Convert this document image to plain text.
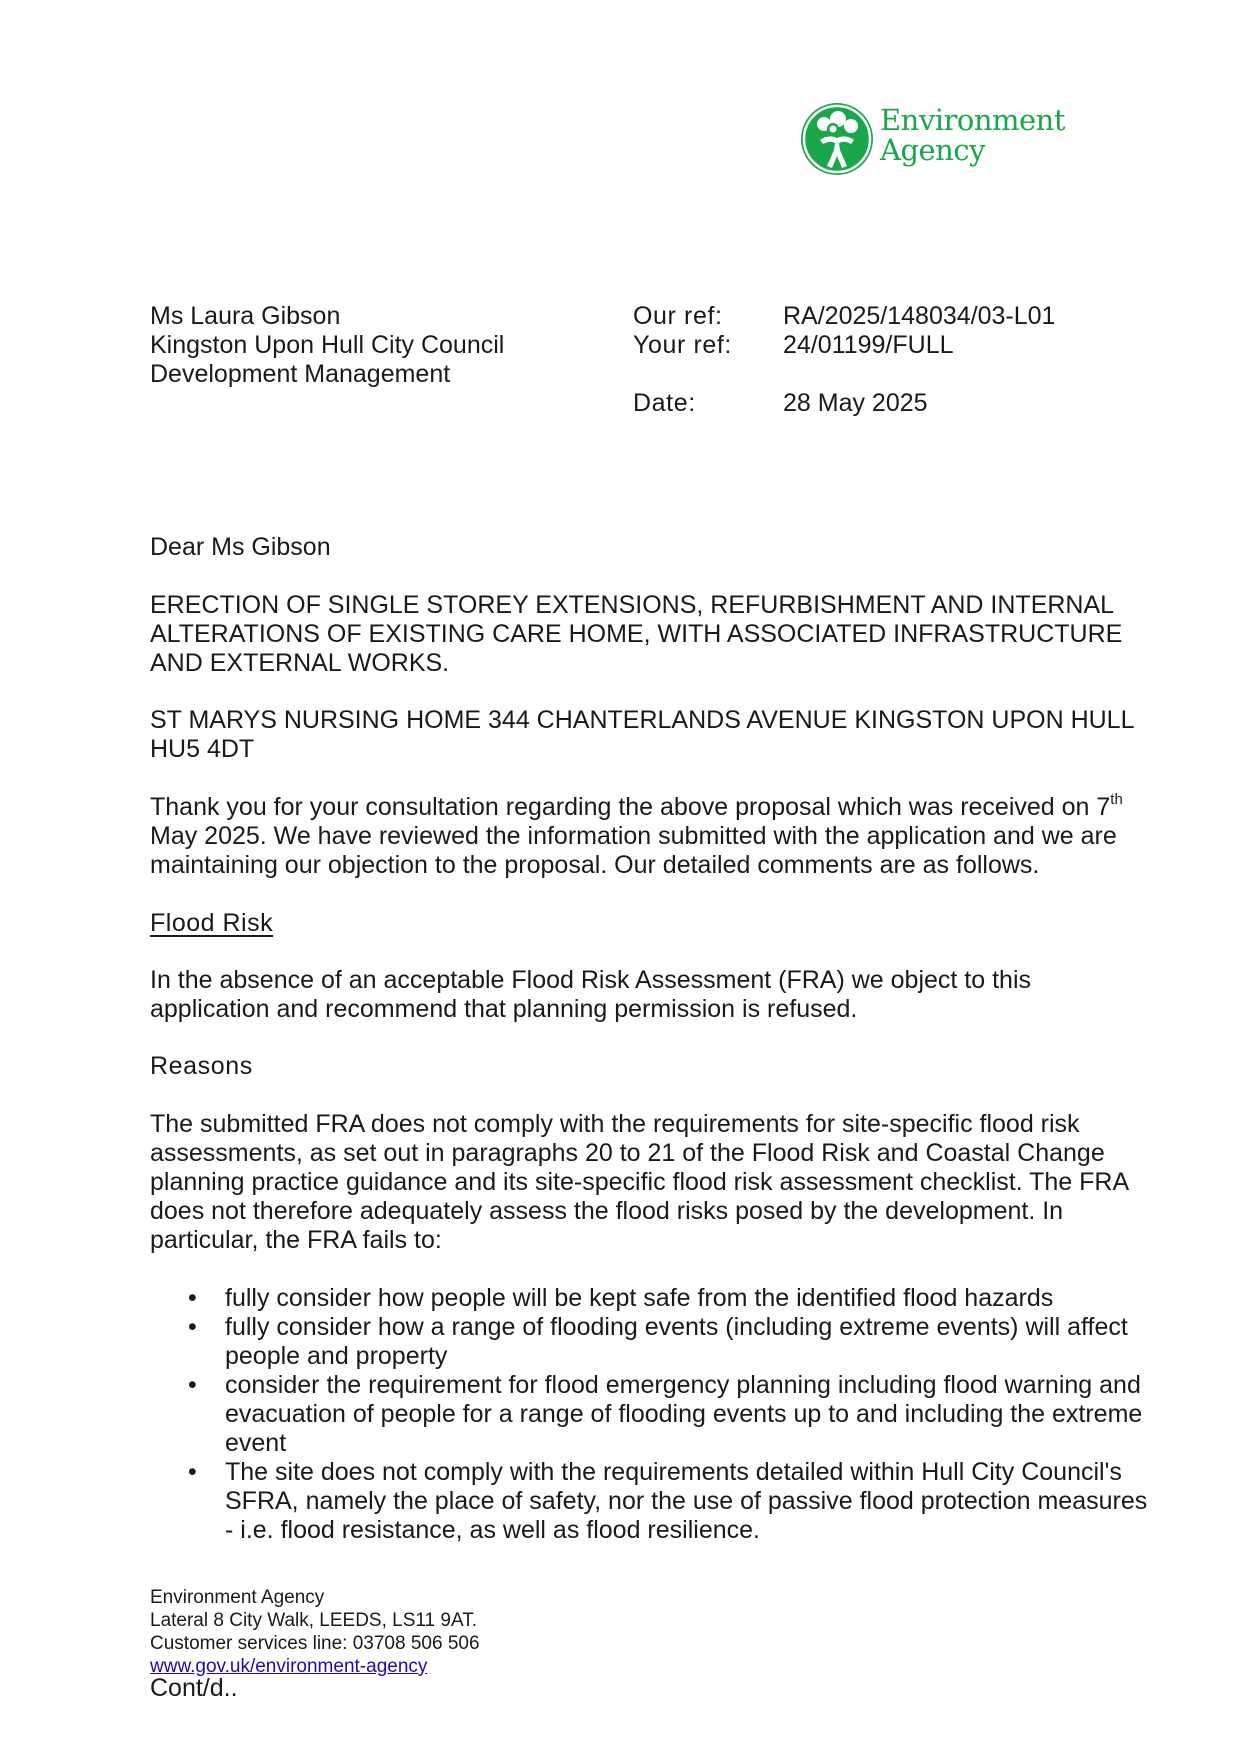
Environment
Agency
Ms Laura Gibson
Kingston Upon Hull City Council
Development Management
Our ref:	RA/2025/148034/03-L01
Your ref:	24/01199/FULL
Date:	28 May 2025

Dear Ms Gibson

ERECTION OF SINGLE STOREY EXTENSIONS, REFURBISHMENT AND INTERNAL ALTERATIONS OF EXISTING CARE HOME, WITH ASSOCIATED INFRASTRUCTURE AND EXTERNAL WORKS.

ST MARYS NURSING HOME 344 CHANTERLANDS AVENUE KINGSTON UPON HULL HU5 4DT

Thank you for your consultation regarding the above proposal which was received on 7th May 2025. We have reviewed the information submitted with the application and we are maintaining our objection to the proposal. Our detailed comments are as follows.

Flood Risk

In the absence of an acceptable Flood Risk Assessment (FRA) we object to this application and recommend that planning permission is refused.

Reasons

The submitted FRA does not comply with the requirements for site-specific flood risk assessments, as set out in paragraphs 20 to 21 of the Flood Risk and Coastal Change planning practice guidance and its site-specific flood risk assessment checklist. The FRA does not therefore adequately assess the flood risks posed by the development. In particular, the FRA fails to:

• fully consider how people will be kept safe from the identified flood hazards
• fully consider how a range of flooding events (including extreme events) will affect people and property
• consider the requirement for flood emergency planning including flood warning and evacuation of people for a range of flooding events up to and including the extreme event
• The site does not comply with the requirements detailed within Hull City Council's SFRA, namely the place of safety, nor the use of passive flood protection measures - i.e. flood resistance, as well as flood resilience.
Environment Agency
Lateral 8 City Walk, LEEDS, LS11 9AT.
Customer services line: 03708 506 506
www.gov.uk/environment-agency
Cont/d..
